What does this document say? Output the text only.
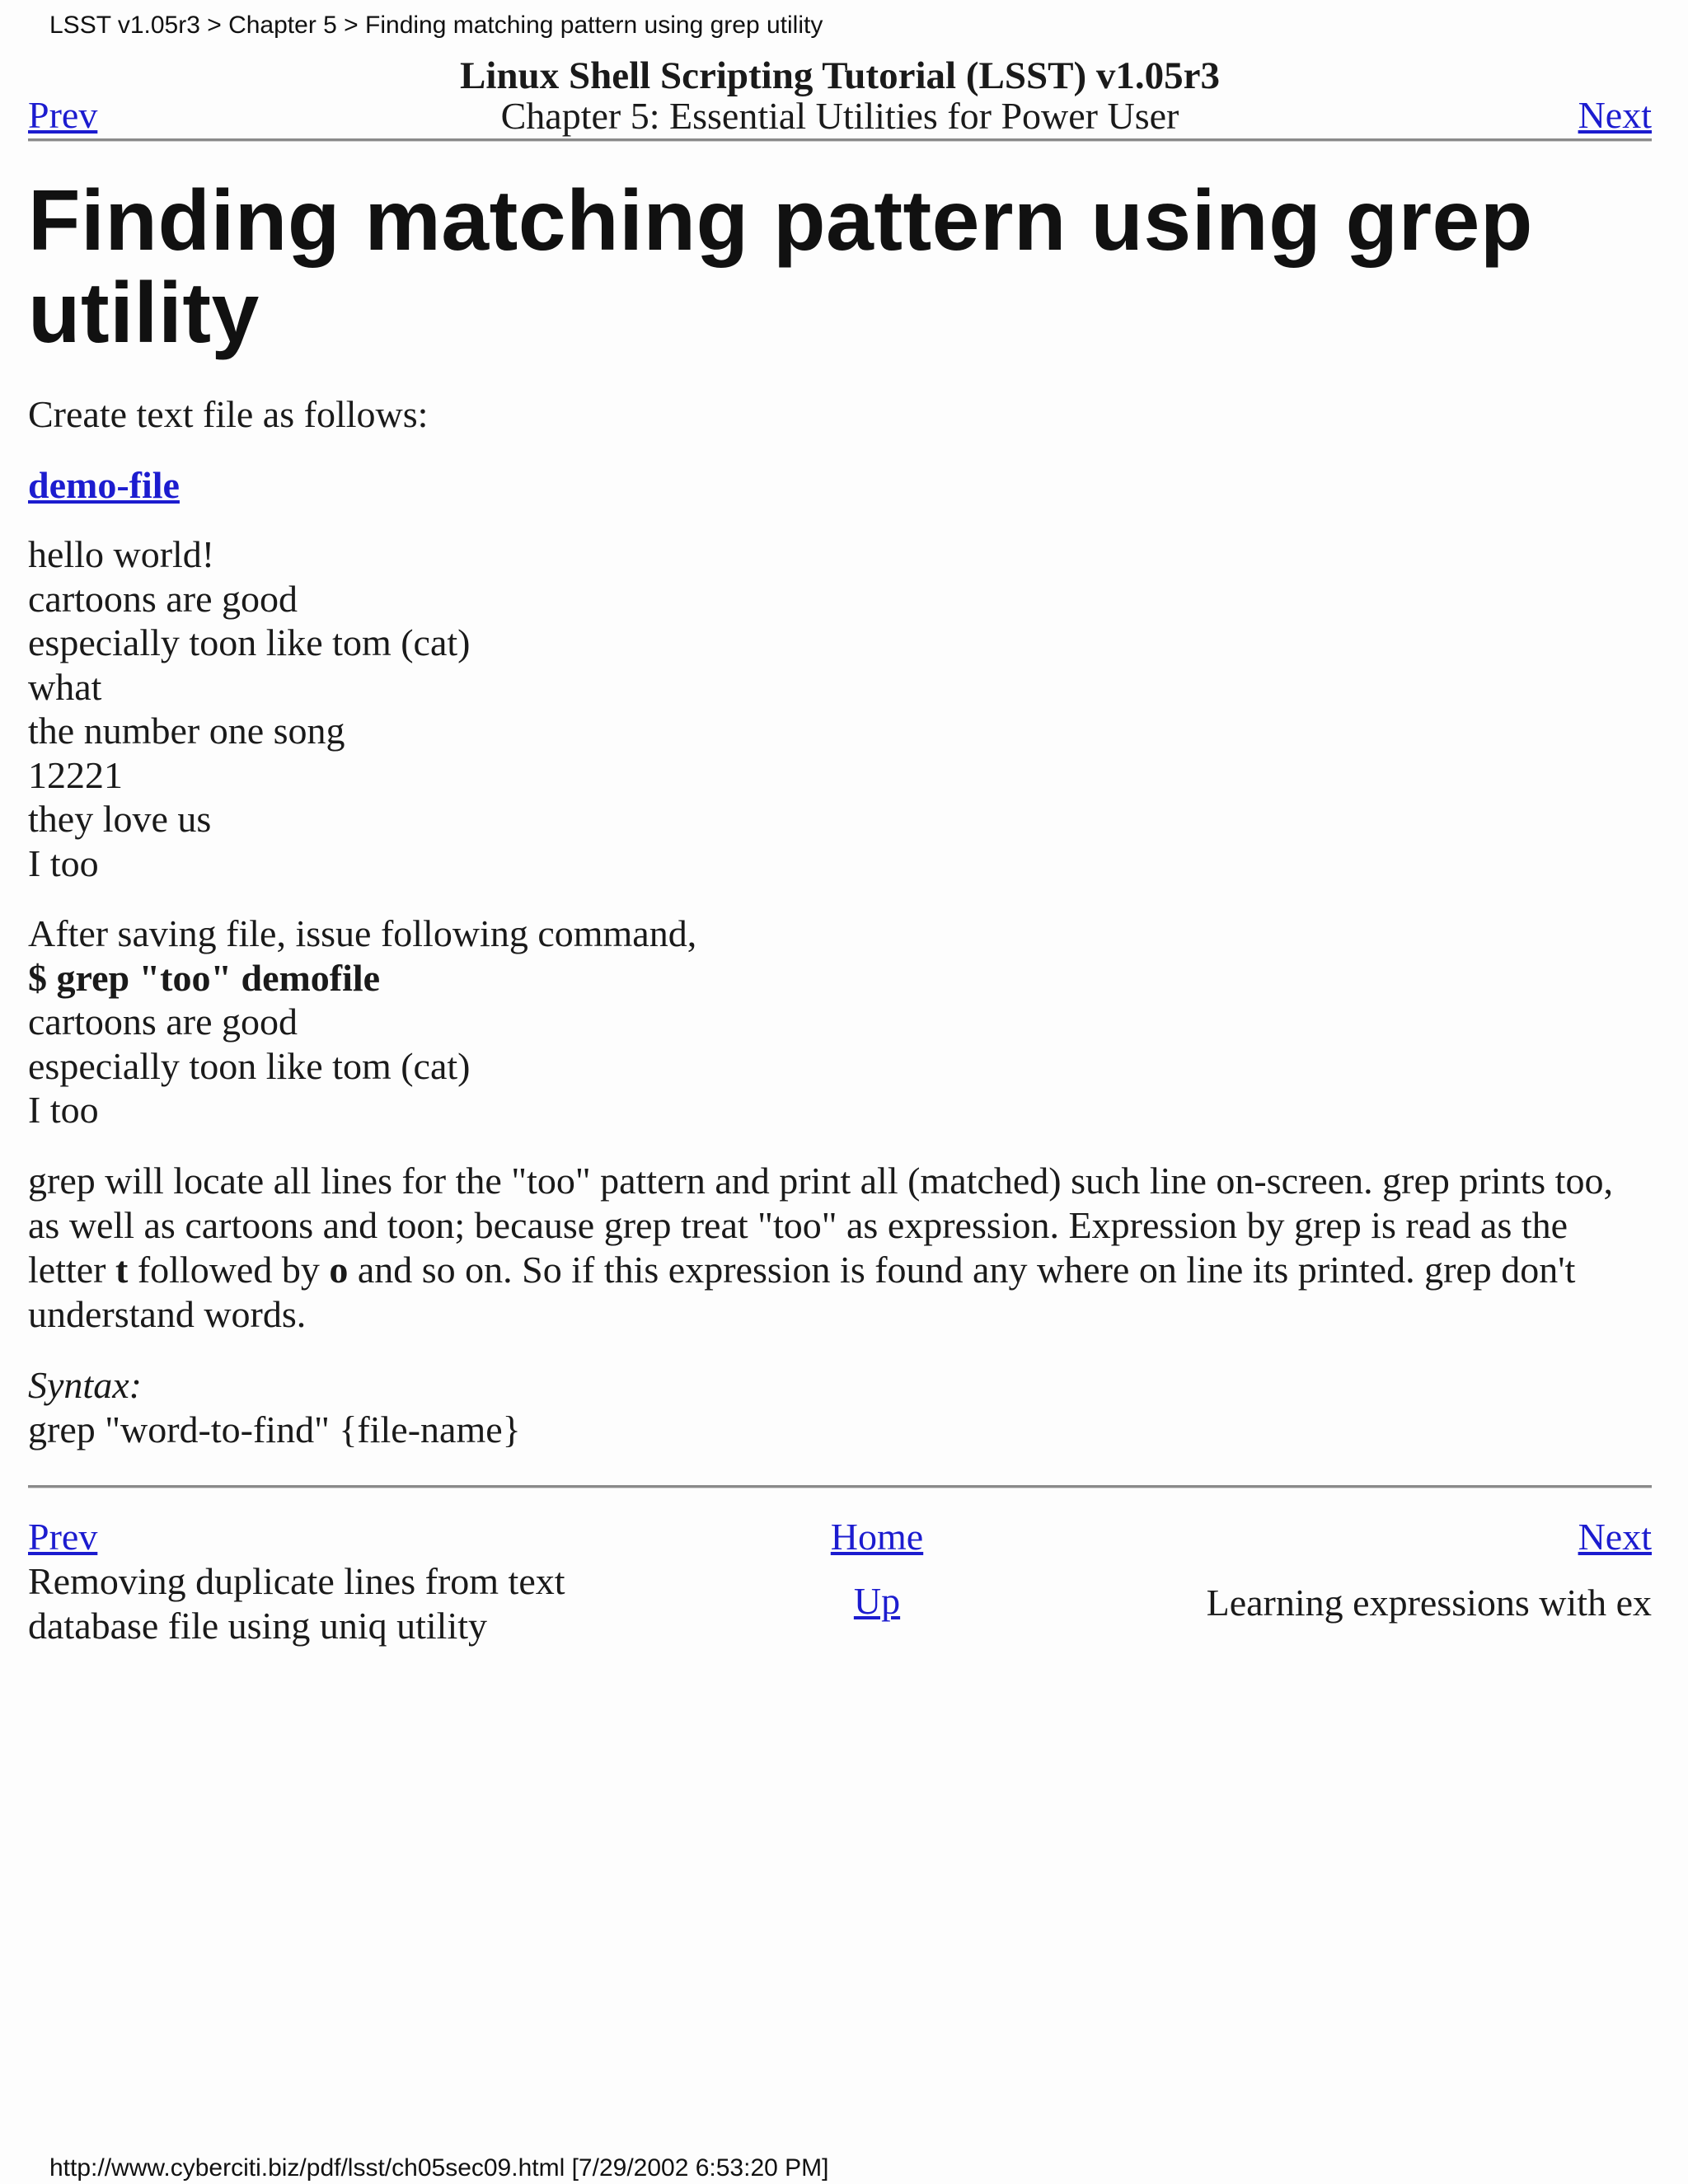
LSST v1.05r3 > Chapter 5 > Finding matching pattern using grep utility
Linux Shell Scripting Tutorial (LSST) v1.05r3
Chapter 5: Essential Utilities for Power User
Prev	Next
Finding matching pattern using grep utility

Create text file as follows:

demo-file
hello world!
cartoons are good
especially toon like tom (cat)
what
the number one song
12221
they love us
I too
After saving file, issue following command,
$ grep "too" demofile
cartoons are good
especially toon like tom (cat)
I too

grep will locate all lines for the "too" pattern and print all (matched) such line on-screen. grep prints too, as well as cartoons and toon; because grep treat "too" as expression. Expression by grep is read as the letter t followed by o and so on. So if this expression is found any where on line its printed. grep don't understand words.

Syntax:
grep "word-to-find" {file-name}

Prev	Home	Next
Removing duplicate lines from text database file using uniq utility
Up	Learning expressions with ex
http://www.cyberciti.biz/pdf/lsst/ch05sec09.html [7/29/2002 6:53:20 PM]
